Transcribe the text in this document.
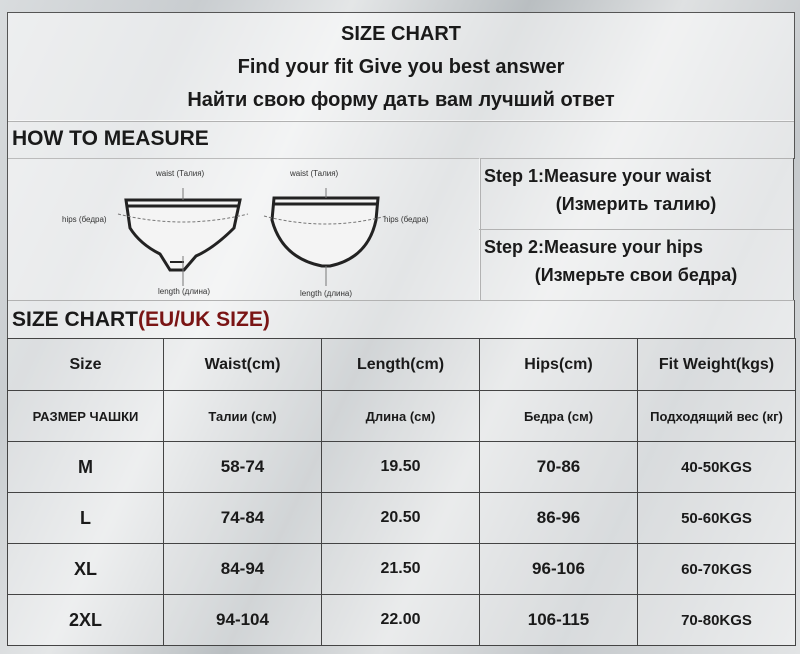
SIZE CHART
Find your fit Give you best answer
Найти свою форму дать вам лучший ответ
HOW TO MEASURE
waist (Талия)	waist (Талия)
hips (бедра)	hips (бедра)
length (длина)	length (длина)
Step 1:Measure your waist
(Измерить талию)
Step 2:Measure your hips
(Измерьте свои бедра)
SIZE CHART(EU/UK SIZE)
Size	Waist(cm)	Length(cm)	Hips(cm)	Fit Weight(kgs)
РАЗМЕР ЧАШКИ	Талии (см)	Длина (см)	Бедра (см)	Подходящий вес (кг)
M	58-74	19.50	70-86	40-50KGS
L	74-84	20.50	86-96	50-60KGS
XL	84-94	21.50	96-106	60-70KGS
2XL	94-104	22.00	106-115	70-80KGS
